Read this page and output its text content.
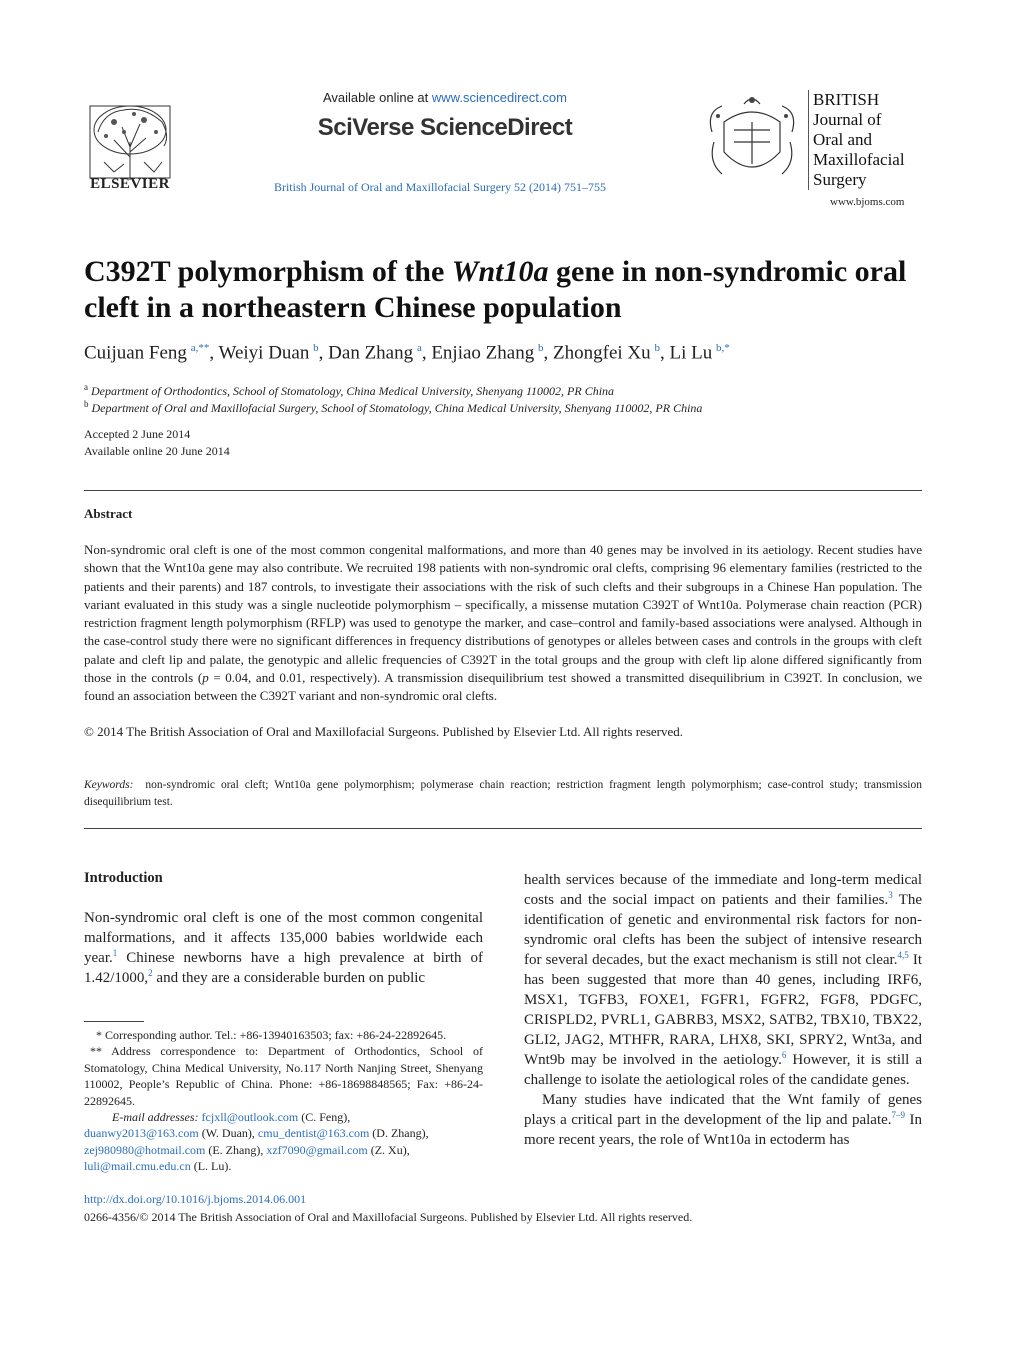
ELSEVIER
Available online at www.sciencedirect.com
SciVerse ScienceDirect
British Journal of Oral and Maxillofacial Surgery 52 (2014) 751–755
BRITISH
Journal of
Oral and
Maxillofacial
Surgery
www.bjoms.com
C392T polymorphism of the Wnt10a gene in non-syndromic oral cleft in a northeastern Chinese population
Cuijuan Feng  $^{a,**}$, Weiyi Duan  $^b$, Dan Zhang  $^a$, Enjiao Zhang  $^b$, Zhongfei Xu  $^b$, Li Lu  $^{b,*}$
$^a$ Department of Orthodontics, School of Stomatology, China Medical University, Shenyang 110002, PR China
$^b$ Department of Oral and Maxillofacial Surgery, School of Stomatology, China Medical University, Shenyang 110002, PR China
Accepted 2 June 2014
Available online 20 June 2014
Abstract
Non-syndromic oral cleft is one of the most common congenital malformations, and more than 40 genes may be involved in its aetiology. Recent studies have shown that the Wnt10a gene may also contribute. We recruited 198 patients with non-syndromic oral clefts, comprising 96 elementary families (restricted to the patients and their parents) and 187 controls, to investigate their associations with the risk of such clefts and their subgroups in a Chinese Han population. The variant evaluated in this study was a single nucleotide polymorphism – specifically, a missense mutation C392T of Wnt10a. Polymerase chain reaction (PCR) restriction fragment length polymorphism (RFLP) was used to genotype the marker, and case–control and family-based associations were analysed. Although in the case-control study there were no significant differences in frequency distributions of genotypes or alleles between cases and controls in the groups with cleft palate and cleft lip and palate, the genotypic and allelic frequencies of C392T in the total groups and the group with cleft lip alone differed significantly from those in the controls (p = 0.04, and 0.01, respectively). A transmission disequilibrium test showed a transmitted disequilibrium in C392T. In conclusion, we found an association between the C392T variant and non-syndromic oral clefts.
© 2014 The British Association of Oral and Maxillofacial Surgeons. Published by Elsevier Ltd. All rights reserved.
Keywords: non-syndromic oral cleft; Wnt10a gene polymorphism; polymerase chain reaction; restriction fragment length polymorphism; case-control study; transmission disequilibrium test.
Introduction
Non-syndromic oral cleft is one of the most common congenital malformations, and it affects 135,000 babies worldwide each year.$^1$ Chinese newborns have a high prevalence at birth of 1.42/1000,$^2$ and they are a considerable burden on public
* Corresponding author. Tel.: +86-13940163503; fax: +86-24-22892645.
** Address correspondence to: Department of Orthodontics, School of Stomatology, China Medical University, No.117 North Nanjing Street, Shenyang 110002, People’s Republic of China. Phone: +86-18698848565; Fax: +86-24-22892645.
E-mail addresses: fcjxll@outlook.com (C. Feng),
duanwy2013@163.com (W. Duan), cmu_dentist@163.com (D. Zhang),
zej980980@hotmail.com (E. Zhang), xzf7090@gmail.com (Z. Xu),
luli@mail.cmu.edu.cn (L. Lu).
health services because of the immediate and long-term medical costs and the social impact on patients and their families.$^3$ The identification of genetic and environmental risk factors for non-syndromic oral clefts has been the subject of intensive research for several decades, but the exact mechanism is still not clear.$^{4,5}$ It has been suggested that more than 40 genes, including IRF6, MSX1, TGFB3, FOXE1, FGFR1, FGFR2, FGF8, PDGFC, CRISPLD2, PVRL1, GABRB3, MSX2, SATB2, TBX10, TBX22, GLI2, JAG2, MTHFR, RARA, LHX8, SKI, SPRY2, Wnt3a, and Wnt9b may be involved in the aetiology.$^6$ However, it is still a challenge to isolate the aetiological roles of the candidate genes.
Many studies have indicated that the Wnt family of genes plays a critical part in the development of the lip and palate.$^{7-9}$ In more recent years, the role of Wnt10a in ectoderm has
http://dx.doi.org/10.1016/j.bjoms.2014.06.001
0266-4356/© 2014 The British Association of Oral and Maxillofacial Surgeons. Published by Elsevier Ltd. All rights reserved.
